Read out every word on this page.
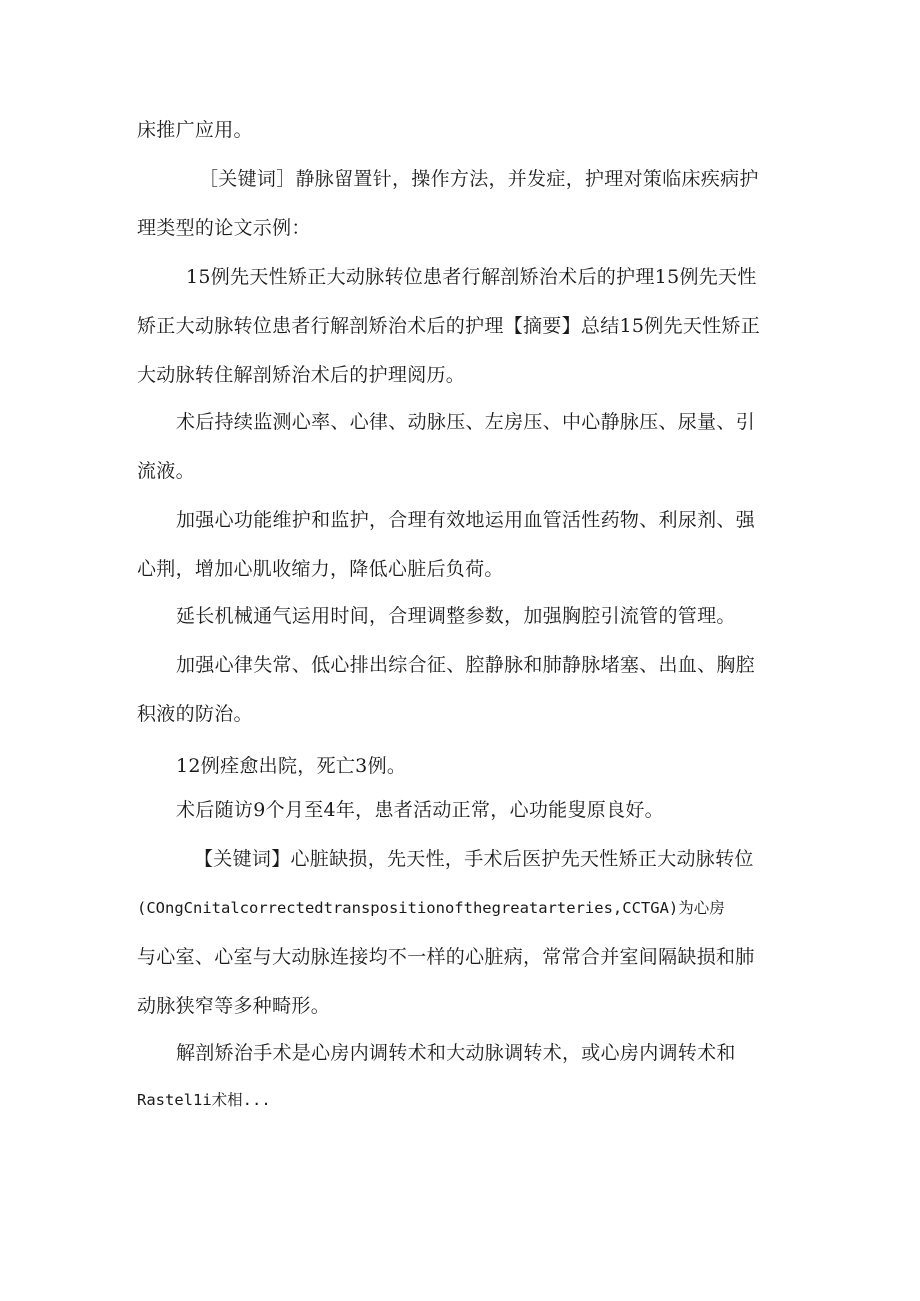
床推广应用。
［关键词］静脉留置针，操作方法，并发症，护理对策临床疾病护
理类型的论文示例：
15例先天性矫正大动脉转位患者行解剖矫治术后的护理15例先天性
矫正大动脉转位患者行解剖矫治术后的护理【摘要】总结15例先天性矫正
大动脉转住解剖矫治术后的护理阅历。
术后持续监测心率、心律、动脉压、左房压、中心静脉压、尿量、引
流液。
加强心功能维护和监护，合理有效地运用血管活性药物、利尿剂、强
心荆，增加心肌收缩力，降低心脏后负荷。
延长机械通气运用时间，合理调整参数，加强胸腔引流管的管理。
加强心律失常、低心排出综合征、腔静脉和肺静脉堵塞、出血、胸腔
积液的防治。
12例痊愈出院，死亡3例。
术后随访9个月至4年，患者活动正常，心功能叟原良好。
【关键词】心脏缺损，先天性，手术后医护先天性矫正大动脉转位
(COngCnitalcorrectedtranspositionofthegreatarteries,CCTGA)为心房
与心室、心室与大动脉连接均不一样的心脏病，常常合并室间隔缺损和肺
动脉狭窄等多种畸形。
解剖矫治手术是心房内调转术和大动脉调转术，或心房内调转术和
Rastel1i术相...
